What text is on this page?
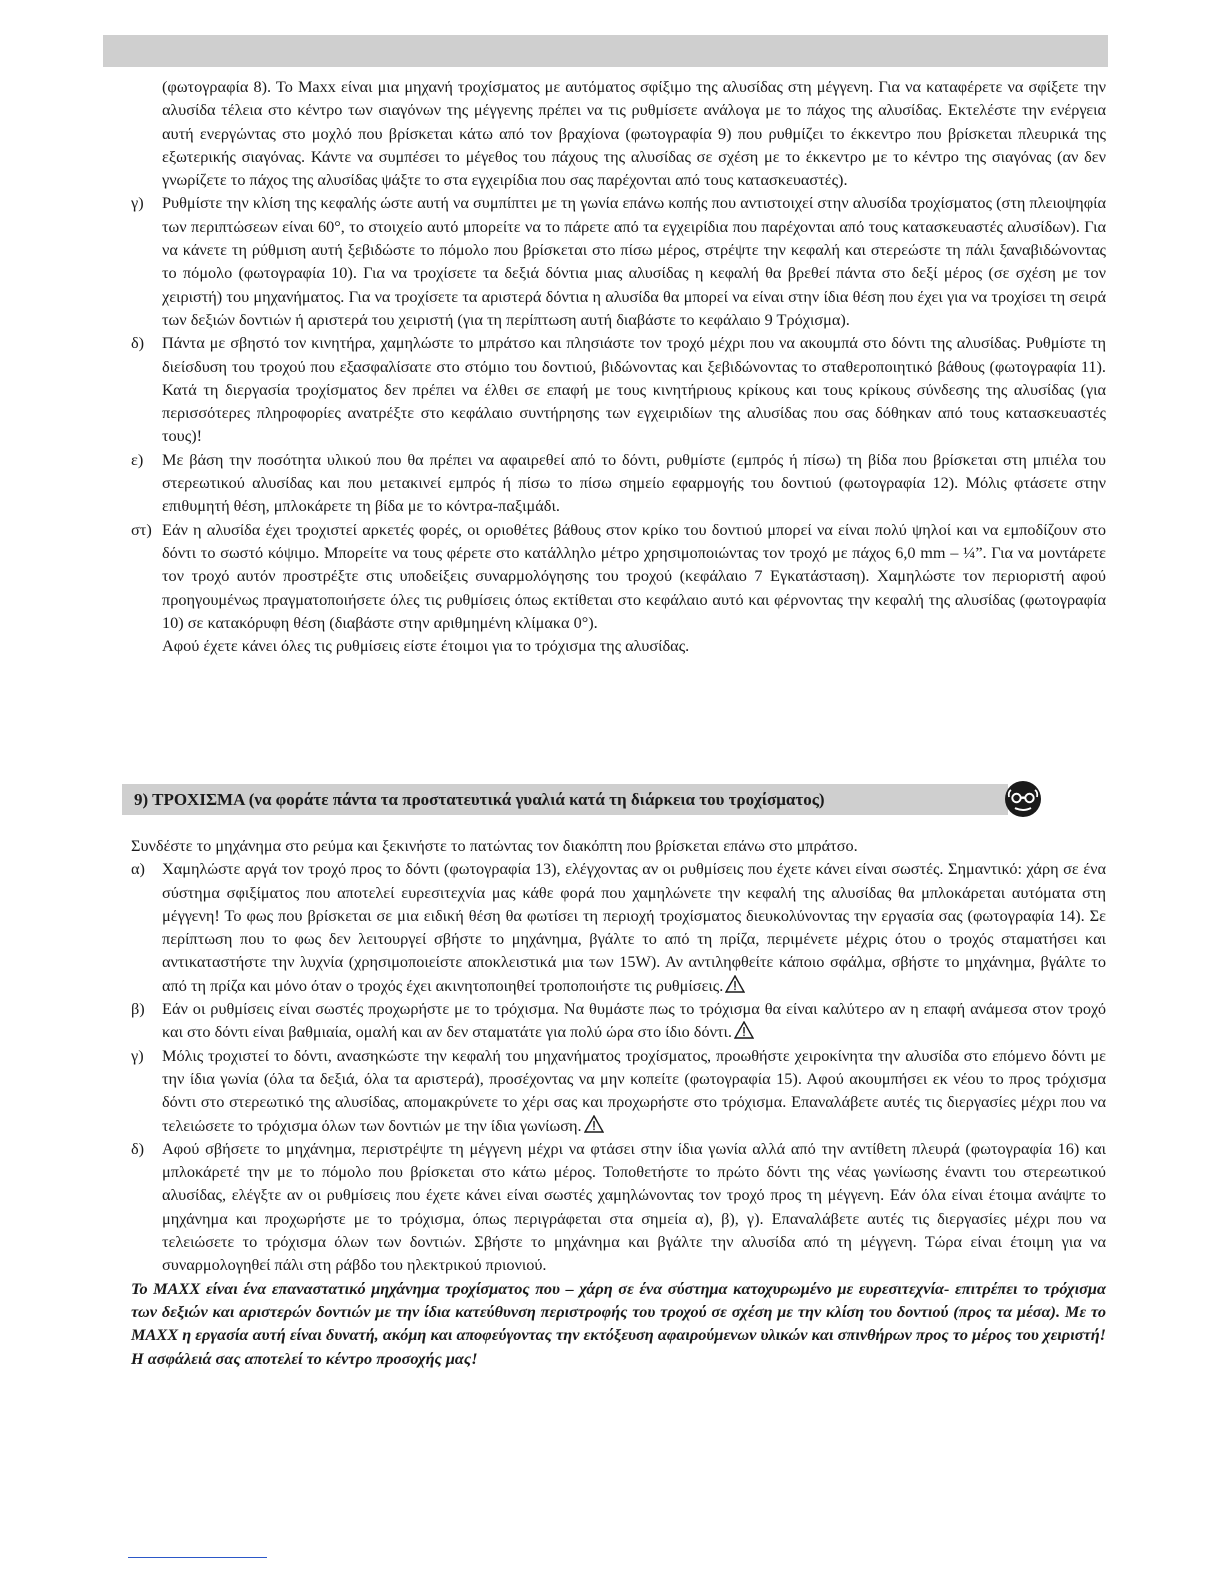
(φωτογραφία 8). Το Maxx είναι μια μηχανή τροχίσματος με αυτόματος σφίξιμο της αλυσίδας στη μέγγενη. Για να καταφέρετε να σφίξετε την αλυσίδα τέλεια στο κέντρο των σιαγόνων της μέγγενης πρέπει να τις ρυθμίσετε ανάλογα με το πάχος της αλυσίδας. Εκτελέστε την ενέργεια αυτή ενεργώντας στο μοχλό που βρίσκεται κάτω από τον βραχίονα (φωτογραφία 9) που ρυθμίζει το έκκεντρο που βρίσκεται πλευρικά της εξωτερικής σιαγόνας. Κάντε να συμπέσει το μέγεθος του πάχους της αλυσίδας σε σχέση με το έκκεντρο με το κέντρο της σιαγόνας (αν δεν γνωρίζετε το πάχος της αλυσίδας ψάξτε το στα εγχειρίδια που σας παρέχονται από τους κατασκευαστές).

γ)	Ρυθμίστε την κλίση της κεφαλής ώστε αυτή να συμπίπτει με τη γωνία επάνω κοπής που αντιστοιχεί στην αλυσίδα τροχίσματος (στη πλειοψηφία των περιπτώσεων είναι 60°, το στοιχείο αυτό μπορείτε να το πάρετε από τα εγχειρίδια που παρέχονται από τους κατασκευαστές αλυσίδων). Για να κάνετε τη ρύθμιση αυτή ξεβιδώστε το πόμολο που βρίσκεται στο πίσω μέρος, στρέψτε την κεφαλή και στερεώστε τη πάλι ξαναβιδώνοντας το πόμολο (φωτογραφία 10). Για να τροχίσετε τα δεξιά δόντια μιας αλυσίδας η κεφαλή θα βρεθεί πάντα στο δεξί μέρος (σε σχέση με τον χειριστή) του μηχανήματος. Για να τροχίσετε τα αριστερά δόντια η αλυσίδα θα μπορεί να είναι στην ίδια θέση που έχει για να τροχίσει τη σειρά των δεξιών δοντιών ή αριστερά του χειριστή (για τη περίπτωση αυτή διαβάστε το κεφάλαιο 9 Τρόχισμα).
δ)	Πάντα με σβηστό τον κινητήρα, χαμηλώστε το μπράτσο και πλησιάστε τον τροχό μέχρι που να ακουμπά στο δόντι της αλυσίδας. Ρυθμίστε τη διείσδυση του τροχού που εξασφαλίσατε στο στόμιο του δοντιού, βιδώνοντας και ξεβιδώνοντας το σταθεροποιητικό βάθους (φωτογραφία 11). Κατά τη διεργασία τροχίσματος δεν πρέπει να έλθει σε επαφή με τους κινητήριους κρίκους και τους κρίκους σύνδεσης της αλυσίδας (για περισσότερες πληροφορίες ανατρέξτε στο κεφάλαιο συντήρησης των εγχειριδίων της αλυσίδας που σας δόθηκαν από τους κατασκευαστές τους)!
ε)	Με βάση την ποσότητα υλικού που θα πρέπει να αφαιρεθεί από το δόντι, ρυθμίστε (εμπρός ή πίσω) τη βίδα που βρίσκεται στη μπιέλα του στερεωτικού αλυσίδας και που μετακινεί εμπρός ή πίσω το πίσω σημείο εφαρμογής του δοντιού (φωτογραφία 12). Μόλις φτάσετε στην επιθυμητή θέση, μπλοκάρετε τη βίδα με το κόντρα-παξιμάδι.
στ) Εάν η αλυσίδα έχει τροχιστεί αρκετές φορές, οι οριοθέτες βάθους στον κρίκο του δοντιού μπορεί να είναι πολύ ψηλοί και να εμποδίζουν στο δόντι το σωστό κόψιμο. Μπορείτε να τους φέρετε στο κατάλληλο μέτρο χρησιμοποιώντας τον τροχό με πάχος 6,0 mm – ¼”. Για να μοντάρετε τον τροχό αυτόν προστρέξτε στις υποδείξεις συναρμολόγησης του τροχού (κεφάλαιο 7 Εγκατάσταση). Χαμηλώστε τον περιοριστή αφού προηγουμένως πραγματοποιήσετε όλες τις ρυθμίσεις όπως εκτίθεται στο κεφάλαιο αυτό και φέρνοντας την κεφαλή της αλυσίδας (φωτογραφία 10) σε κατακόρυφη θέση (διαβάστε στην αριθμημένη κλίμακα 0°).

Αφού έχετε κάνει όλες τις ρυθμίσεις είστε έτοιμοι για το τρόχισμα της αλυσίδας.

9) ΤΡΟΧΙΣΜΑ (να φοράτε πάντα τα προστατευτικά γυαλιά κατά τη διάρκεια του τροχίσματος)

Συνδέστε το μηχάνημα στο ρεύμα και ξεκινήστε το πατώντας τον διακόπτη που βρίσκεται επάνω στο μπράτσο.

α)	Χαμηλώστε αργά τον τροχό προς το δόντι (φωτογραφία 13), ελέγχοντας αν οι ρυθμίσεις που έχετε κάνει είναι σωστές. Σημαντικό: χάρη σε ένα σύστημα σφιξίματος που αποτελεί ευρεσιτεχνία μας κάθε φορά που χαμηλώνετε την κεφαλή της αλυσίδας θα μπλοκάρεται αυτόματα στη μέγγενη! Το φως που βρίσκεται σε μια ειδική θέση θα φωτίσει τη περιοχή τροχίσματος διευκολύνοντας την εργασία σας (φωτογραφία 14). Σε περίπτωση που το φως δεν λειτουργεί σβήστε το μηχάνημα, βγάλτε το από τη πρίζα, περιμένετε μέχρις ότου ο τροχός σταματήσει και αντικαταστήστε την λυχνία (χρησιμοποιείστε αποκλειστικά μια των 15W). Αν αντιληφθείτε κάποιο σφάλμα, σβήστε το μηχάνημα, βγάλτε το από τη πρίζα και μόνο όταν ο τροχός έχει ακινητοποιηθεί τροποποιήστε τις ρυθμίσεις.
β)	Εάν οι ρυθμίσεις είναι σωστές προχωρήστε με το τρόχισμα. Να θυμάστε πως το τρόχισμα θα είναι καλύτερο αν η επαφή ανάμεσα στον τροχό και στο δόντι είναι βαθμιαία, ομαλή και αν δεν σταματάτε για πολύ ώρα στο ίδιο δόντι.
γ)	Μόλις τροχιστεί το δόντι, ανασηκώστε την κεφαλή του μηχανήματος τροχίσματος, προωθήστε χειροκίνητα την αλυσίδα στο επόμενο δόντι με την ίδια γωνία (όλα τα δεξιά, όλα τα αριστερά), προσέχοντας να μην κοπείτε (φωτογραφία 15). Αφού ακουμπήσει εκ νέου το προς τρόχισμα δόντι στο στερεωτικό της αλυσίδας, απομακρύνετε το χέρι σας και προχωρήστε στο τρόχισμα. Επαναλάβετε αυτές τις διεργασίες μέχρι που να τελειώσετε το τρόχισμα όλων των δοντιών με την ίδια γωνίωση.
δ)	Αφού σβήσετε το μηχάνημα, περιστρέψτε τη μέγγενη μέχρι να φτάσει στην ίδια γωνία αλλά από την αντίθετη πλευρά (φωτογραφία 16) και μπλοκάρετέ την με το πόμολο που βρίσκεται στο κάτω μέρος. Τοποθετήστε το πρώτο δόντι της νέας γωνίωσης έναντι του στερεωτικού αλυσίδας, ελέγξτε αν οι ρυθμίσεις που έχετε κάνει είναι σωστές χαμηλώνοντας τον τροχό προς τη μέγγενη. Εάν όλα είναι έτοιμα ανάψτε το μηχάνημα και προχωρήστε με το τρόχισμα, όπως περιγράφεται στα σημεία α), β), γ). Επαναλάβετε αυτές τις διεργασίες μέχρι που να τελειώσετε το τρόχισμα όλων των δοντιών. Σβήστε το μηχάνημα και βγάλτε την αλυσίδα από τη μέγγενη. Τώρα είναι έτοιμη για να συναρμολογηθεί πάλι στη ράβδο του ηλεκτρικού πριονιού.

Το MAXX είναι ένα επαναστατικό μηχάνημα τροχίσματος που – χάρη σε ένα σύστημα κατοχυρωμένο με ευρεσιτεχνία- επιτρέπει το τρόχισμα των δεξιών και αριστερών δοντιών με την ίδια κατεύθυνση περιστροφής του τροχού σε σχέση με την κλίση του δοντιού (προς τα μέσα). Με το MAXX η εργασία αυτή είναι δυνατή, ακόμη και αποφεύγοντας την εκτόξευση αφαιρούμενων υλικών και σπινθήρων προς το μέρος του χειριστή! Η ασφάλειά σας αποτελεί το κέντρο προσοχής μας!
